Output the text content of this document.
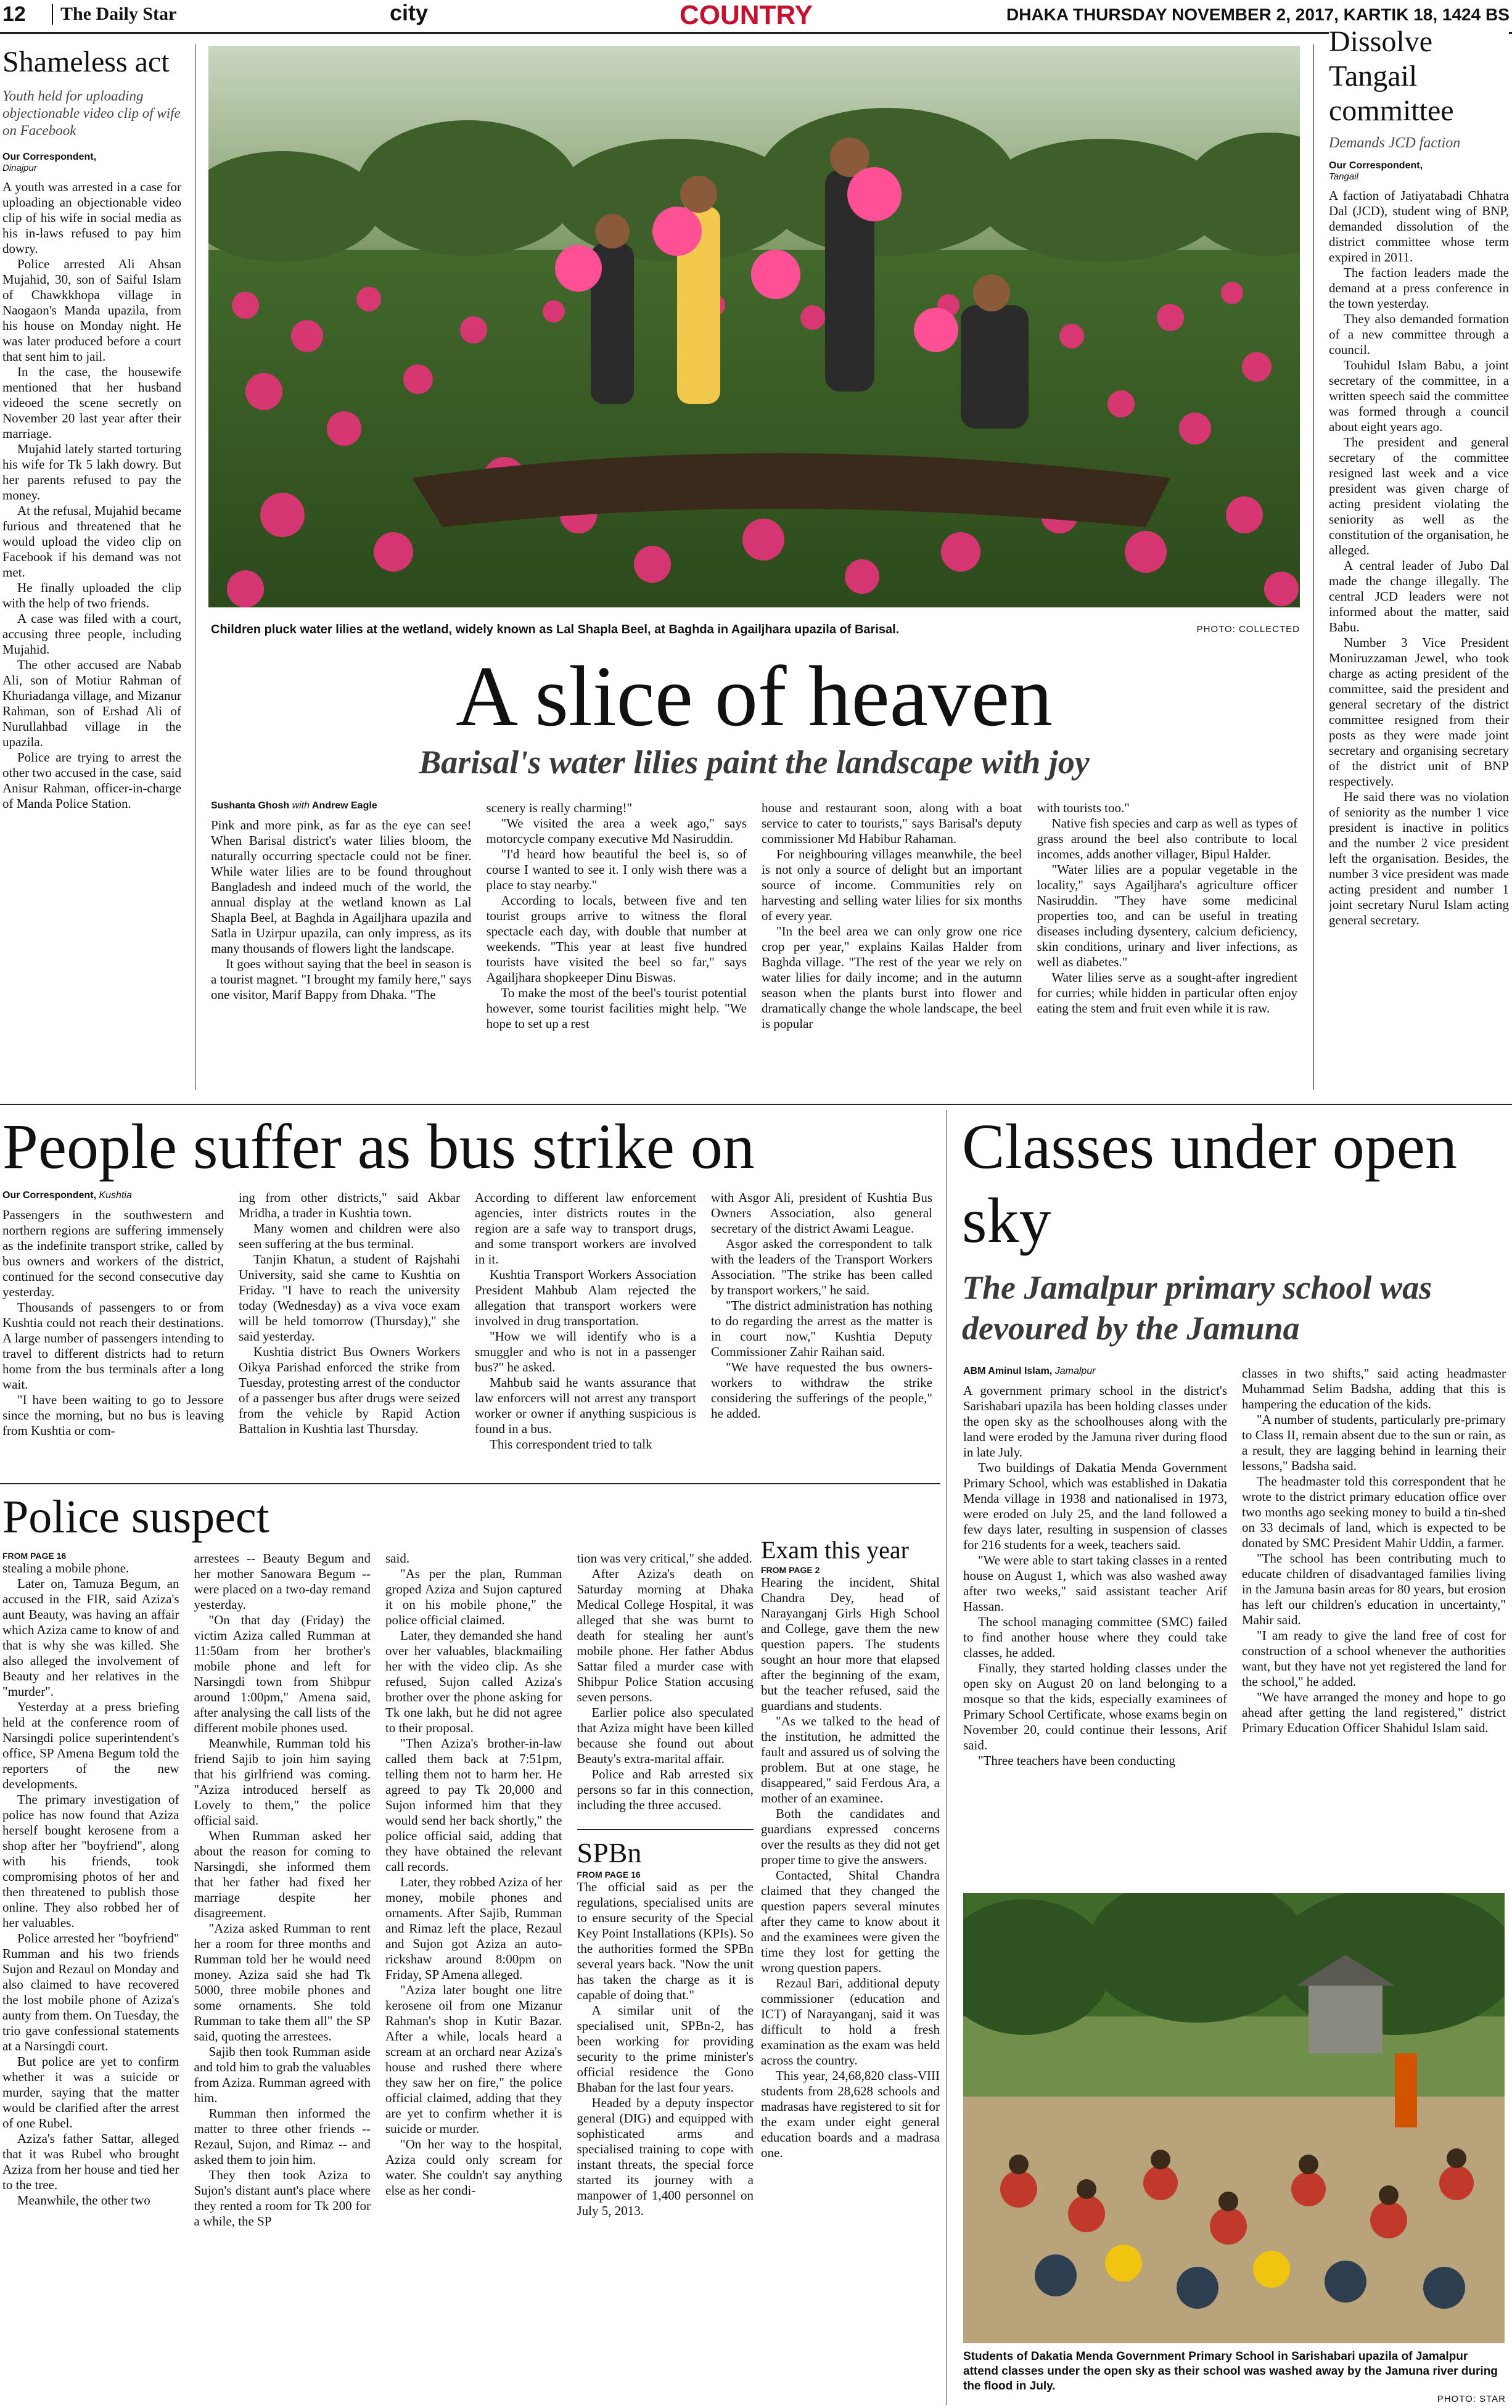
12	The Daily Star	city	COUNTRY	DHAKA THURSDAY NOVEMBER 2, 2017, KARTIK 18, 1424 BS
Shameless act
Youth held for uploading objectionable video clip of wife on Facebook
Our Correspondent,
Dinajpur

A youth was arrested in a case for uploading an objectionable video clip of his wife in social media as his in-laws refused to pay him dowry.

Police arrested Ali Ahsan Mujahid, 30, son of Saiful Islam of Chawkkhopa village in Naogaon's Manda upazila, from his house on Monday night. He was later produced before a court that sent him to jail.

In the case, the housewife mentioned that her husband videoed the scene secretly on November 20 last year after their marriage.

Mujahid lately started torturing his wife for Tk 5 lakh dowry. But her parents refused to pay the money.

At the refusal, Mujahid became furious and threatened that he would upload the video clip on Facebook if his demand was not met.

He finally uploaded the clip with the help of two friends.

A case was filed with a court, accusing three people, including Mujahid.

The other accused are Nabab Ali, son of Motiur Rahman of Khuriadanga village, and Mizanur Rahman, son of Ershad Ali of Nurullahbad village in the upazila.

Police are trying to arrest the other two accused in the case, said Anisur Rahman, officer-in-charge of Manda Police Station.

Children pluck water lilies at the wetland, widely known as Lal Shapla Beel, at Baghda in Agailjhara upazila of Barisal.	PHOTO: COLLECTED
A slice of heaven
Barisal's water lilies paint the landscape with joy
Sushanta Ghosh with Andrew Eagle

Pink and more pink, as far as the eye can see! When Barisal district's water lilies bloom, the naturally occurring spectacle could not be finer. While water lilies are to be found throughout Bangladesh and indeed much of the world, the annual display at the wetland known as Lal Shapla Beel, at Baghda in Agailjhara upazila and Satla in Uzirpur upazila, can only impress, as its many thousands of flowers light the landscape.

It goes without saying that the beel in season is a tourist magnet. "I brought my family here," says one visitor, Marif Bappy from Dhaka. "The

scenery is really charming!"

"We visited the area a week ago," says motorcycle company executive Md Nasiruddin.

"I'd heard how beautiful the beel is, so of course I wanted to see it. I only wish there was a place to stay nearby."

According to locals, between five and ten tourist groups arrive to witness the floral spectacle each day, with double that number at weekends. "This year at least five hundred tourists have visited the beel so far," says Agailjhara shopkeeper Dinu Biswas.

To make the most of the beel's tourist potential however, some tourist facilities might help. "We hope to set up a rest

house and restaurant soon, along with a boat service to cater to tourists," says Barisal's deputy commissioner Md Habibur Rahaman.

For neighbouring villages meanwhile, the beel is not only a source of delight but an important source of income. Communities rely on harvesting and selling water lilies for six months of every year.

"In the beel area we can only grow one rice crop per year," explains Kailas Halder from Baghda village. "The rest of the year we rely on water lilies for daily income; and in the autumn season when the plants burst into flower and dramatically change the whole landscape, the beel is popular

with tourists too."

Native fish species and carp as well as types of grass around the beel also contribute to local incomes, adds another villager, Bipul Halder.

"Water lilies are a popular vegetable in the locality," says Agailjhara's agriculture officer Nasiruddin. "They have some medicinal properties too, and can be useful in treating diseases including dysentery, calcium deficiency, skin conditions, urinary and liver infections, as well as diabetes."

Water lilies serve as a sought-after ingredient for curries; while hidden in particular often enjoy eating the stem and fruit even while it is raw.

Dissolve Tangail committee
Demands JCD faction
Our Correspondent,
Tangail

A faction of Jatiyatabadi Chhatra Dal (JCD), student wing of BNP, demanded dissolution of the district committee whose term expired in 2011.

The faction leaders made the demand at a press conference in the town yesterday.

They also demanded formation of a new committee through a council.

Touhidul Islam Babu, a joint secretary of the committee, in a written speech said the committee was formed through a council about eight years ago.

The president and general secretary of the committee resigned last week and a vice president was given charge of acting president violating the seniority as well as the constitution of the organisation, he alleged.

A central leader of Jubo Dal made the change illegally. The central JCD leaders were not informed about the matter, said Babu.

Number 3 Vice President Moniruzzaman Jewel, who took charge as acting president of the committee, said the president and general secretary of the district committee resigned from their posts as they were made joint secretary and organising secretary of the district unit of BNP respectively.

He said there was no violation of seniority as the number 1 vice president is inactive in politics and the number 2 vice president left the organisation. Besides, the number 3 vice president was made acting president and number 1 joint secretary Nurul Islam acting general secretary.

People suffer as bus strike on
Our Correspondent, Kushtia

Passengers in the southwestern and northern regions are suffering immensely as the indefinite transport strike, called by bus owners and workers of the district, continued for the second consecutive day yesterday.

Thousands of passengers to or from Kushtia could not reach their destinations. A large number of passengers intending to travel to different districts had to return home from the bus terminals after a long wait.

"I have been waiting to go to Jessore since the morning, but no bus is leaving from Kushtia or com-

ing from other districts," said Akbar Mridha, a trader in Kushtia town.

Many women and children were also seen suffering at the bus terminal.

Tanjin Khatun, a student of Rajshahi University, said she came to Kushtia on Friday. "I have to reach the university today (Wednesday) as a viva voce exam will be held tomorrow (Thursday)," she said yesterday.

Kushtia district Bus Owners Workers Oikya Parishad enforced the strike from Tuesday, protesting arrest of the conductor of a passenger bus after drugs were seized from the vehicle by Rapid Action Battalion in Kushtia last Thursday.

According to different law enforcement agencies, inter districts routes in the region are a safe way to transport drugs, and some transport workers are involved in it.

Kushtia Transport Workers Association President Mahbub Alam rejected the allegation that transport workers were involved in drug transportation.

"How we will identify who is a smuggler and who is not in a passenger bus?" he asked.

Mahbub said he wants assurance that law enforcers will not arrest any transport worker or owner if anything suspicious is found in a bus.

This correspondent tried to talk

with Asgor Ali, president of Kushtia Bus Owners Association, also general secretary of the district Awami League.

Asgor asked the correspondent to talk with the leaders of the Transport Workers Association. "The strike has been called by transport workers," he said.

"The district administration has nothing to do regarding the arrest as the matter is in court now," Kushtia Deputy Commissioner Zahir Raihan said.

"We have requested the bus owners-workers to withdraw the strike considering the sufferings of the people," he added.

Police suspect
FROM PAGE 16

stealing a mobile phone.

Later on, Tamuza Begum, an accused in the FIR, said Aziza's aunt Beauty, was having an affair which Aziza came to know of and that is why she was killed. She also alleged the involvement of Beauty and her relatives in the "murder".

Yesterday at a press briefing held at the conference room of Narsingdi police superintendent's office, SP Amena Begum told the reporters of the new developments.

The primary investigation of police has now found that Aziza herself bought kerosene from a shop after her "boyfriend", along with his friends, took compromising photos of her and then threatened to publish those online. They also robbed her of her valuables.

Police arrested her "boyfriend" Rumman and his two friends Sujon and Rezaul on Monday and also claimed to have recovered the lost mobile phone of Aziza's aunty from them. On Tuesday, the trio gave confessional statements at a Narsingdi court.

But police are yet to confirm whether it was a suicide or murder, saying that the matter would be clarified after the arrest of one Rubel.

Aziza's father Sattar, alleged that it was Rubel who brought Aziza from her house and tied her to the tree.

Meanwhile, the other two

arrestees -- Beauty Begum and her mother Sanowara Begum -- were placed on a two-day remand yesterday.

"On that day (Friday) the victim Aziza called Rumman at 11:50am from her brother's mobile phone and left for Narsingdi town from Shibpur around 1:00pm," Amena said, after analysing the call lists of the different mobile phones used.

Meanwhile, Rumman told his friend Sajib to join him saying that his girlfriend was coming. "Aziza introduced herself as Lovely to them," the police official said.

When Rumman asked her about the reason for coming to Narsingdi, she informed them that her father had fixed her marriage despite her disagreement.

"Aziza asked Rumman to rent her a room for three months and Rumman told her he would need money. Aziza said she had Tk 5000, three mobile phones and some ornaments. She told Rumman to take them all" the SP said, quoting the arrestees.

Sajib then took Rumman aside and told him to grab the valuables from Aziza. Rumman agreed with him.

Rumman then informed the matter to three other friends -- Rezaul, Sujon, and Rimaz -- and asked them to join him.

They then took Aziza to Sujon's distant aunt's place where they rented a room for Tk 200 for a while, the SP

said.

"As per the plan, Rumman groped Aziza and Sujon captured it on his mobile phone," the police official claimed.

Later, they demanded she hand over her valuables, blackmailing her with the video clip. As she refused, Sujon called Aziza's brother over the phone asking for Tk one lakh, but he did not agree to their proposal.

"Then Aziza's brother-in-law called them back at 7:51pm, telling them not to harm her. He agreed to pay Tk 20,000 and Sujon informed him that they would send her back shortly," the police official said, adding that they have obtained the relevant call records.

Later, they robbed Aziza of her money, mobile phones and ornaments. After Sajib, Rumman and Rimaz left the place, Rezaul and Sujon got Aziza an auto-rickshaw around 8:00pm on Friday, SP Amena alleged.

"Aziza later bought one litre kerosene oil from one Mizanur Rahman's shop in Kutir Bazar. After a while, locals heard a scream at an orchard near Aziza's house and rushed there where they saw her on fire," the police official claimed, adding that they are yet to confirm whether it is suicide or murder.

"On her way to the hospital, Aziza could only scream for water. She couldn't say anything else as her condi-

tion was very critical," she added.

After Aziza's death on Saturday morning at Dhaka Medical College Hospital, it was alleged that she was burnt to death for stealing her aunt's mobile phone. Her father Abdus Sattar filed a murder case with Shibpur Police Station accusing seven persons.

Earlier police also speculated that Aziza might have been killed because she found out about Beauty's extra-marital affair.

Police and Rab arrested six persons so far in this connection, including the three accused.

SPBn
FROM PAGE 16

The official said as per the regulations, specialised units are to ensure security of the Special Key Point Installations (KPIs). So the authorities formed the SPBn several years back. "Now the unit has taken the charge as it is capable of doing that."

A similar unit of the specialised unit, SPBn-2, has been working for providing security to the prime minister's official residence the Gono Bhaban for the last four years.

Headed by a deputy inspector general (DIG) and equipped with sophisticated arms and specialised training to cope with instant threats, the special force started its journey with a manpower of 1,400 personnel on July 5, 2013.

Exam this year
FROM PAGE 2

Hearing the incident, Shital Chandra Dey, head of Narayanganj Girls High School and College, gave them the new question papers. The students sought an hour more that elapsed after the beginning of the exam, but the teacher refused, said the guardians and students.

"As we talked to the head of the institution, he admitted the fault and assured us of solving the problem. But at one stage, he disappeared," said Ferdous Ara, a mother of an examinee.

Both the candidates and guardians expressed concerns over the results as they did not get proper time to give the answers.

Contacted, Shital Chandra claimed that they changed the question papers several minutes after they came to know about it and the examinees were given the time they lost for getting the wrong question papers.

Rezaul Bari, additional deputy commissioner (education and ICT) of Narayanganj, said it was difficult to hold a fresh examination as the exam was held across the country.

This year, 24,68,820 class-VIII students from 28,628 schools and madrasas have registered to sit for the exam under eight general education boards and a madrasa one.

Classes under open sky
The Jamalpur primary school was devoured by the Jamuna
ABM Aminul Islam, Jamalpur

A government primary school in the district's Sarishabari upazila has been holding classes under the open sky as the schoolhouses along with the land were eroded by the Jamuna river during flood in late July.

Two buildings of Dakatia Menda Government Primary School, which was established in Dakatia Menda village in 1938 and nationalised in 1973, were eroded on July 25, and the land followed a few days later, resulting in suspension of classes for 216 students for a week, teachers said.

"We were able to start taking classes in a rented house on August 1, which was also washed away after two weeks," said assistant teacher Arif Hassan.

The school managing committee (SMC) failed to find another house where they could take classes, he added.

Finally, they started holding classes under the open sky on August 20 on land belonging to a mosque so that the kids, especially examinees of Primary School Certificate, whose exams begin on November 20, could continue their lessons, Arif said.

"Three teachers have been conducting

classes in two shifts," said acting headmaster Muhammad Selim Badsha, adding that this is hampering the education of the kids.

"A number of students, particularly pre-primary to Class II, remain absent due to the sun or rain, as a result, they are lagging behind in learning their lessons," Badsha said.

The headmaster told this correspondent that he wrote to the district primary education office over two months ago seeking money to build a tin-shed on 33 decimals of land, which is expected to be donated by SMC President Mahir Uddin, a farmer.

"The school has been contributing much to educate children of disadvantaged families living in the Jamuna basin areas for 80 years, but erosion has left our children's education in uncertainty," Mahir said.

"I am ready to give the land free of cost for construction of a school whenever the authorities want, but they have not yet registered the land for the school," he added.

"We have arranged the money and hope to go ahead after getting the land registered," district Primary Education Officer Shahidul Islam said.

Students of Dakatia Menda Government Primary School in Sarishabari upazila of Jamalpur attend classes under the open sky as their school was washed away by the Jamuna river during the flood in July.
PHOTO: STAR
